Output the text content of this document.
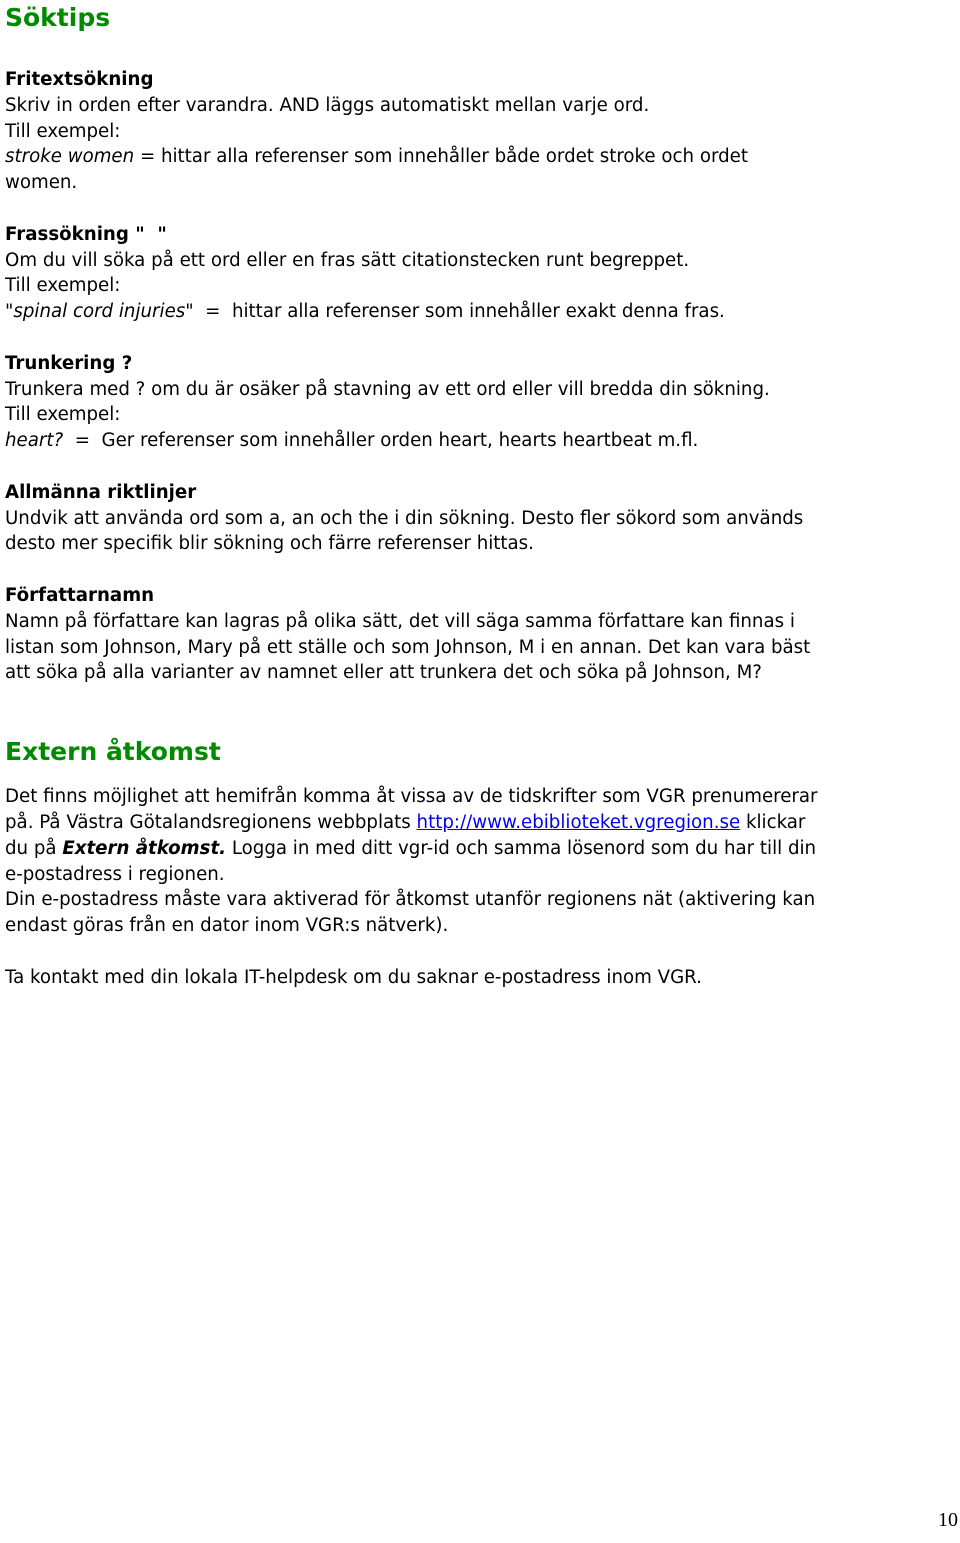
Söktips

Fritextsökning

Skriv in orden efter varandra. AND läggs automatiskt mellan varje ord.

Till exempel:

stroke women = hittar alla referenser som innehåller både ordet stroke och ordet

women.

Frassökning "  "

Om du vill söka på ett ord eller en fras sätt citationstecken runt begreppet.

Till exempel:

"spinal cord injuries"  =  hittar alla referenser som innehåller exakt denna fras.

Trunkering ?

Trunkera med ? om du är osäker på stavning av ett ord eller vill bredda din sökning.

Till exempel:

heart?  =  Ger referenser som innehåller orden heart, hearts heartbeat m.fl.

Allmänna riktlinjer

Undvik att använda ord som a, an och the i din sökning. Desto fler sökord som används

desto mer specifik blir sökning och färre referenser hittas.

Författarnamn

Namn på författare kan lagras på olika sätt, det vill säga samma författare kan finnas i

listan som Johnson, Mary på ett ställe och som Johnson, M i en annan. Det kan vara bäst

att söka på alla varianter av namnet eller att trunkera det och söka på Johnson, M?

Extern åtkomst

Det finns möjlighet att hemifrån komma åt vissa av de tidskrifter som VGR prenumererar

på. På Västra Götalandsregionens webbplats http://www.ebiblioteket.vgregion.se klickar

du på Extern åtkomst. Logga in med ditt vgr-id och samma lösenord som du har till din

e-postadress i regionen.

Din e-postadress måste vara aktiverad för åtkomst utanför regionens nät (aktivering kan

endast göras från en dator inom VGR:s nätverk).

Ta kontakt med din lokala IT-helpdesk om du saknar e-postadress inom VGR.

10
